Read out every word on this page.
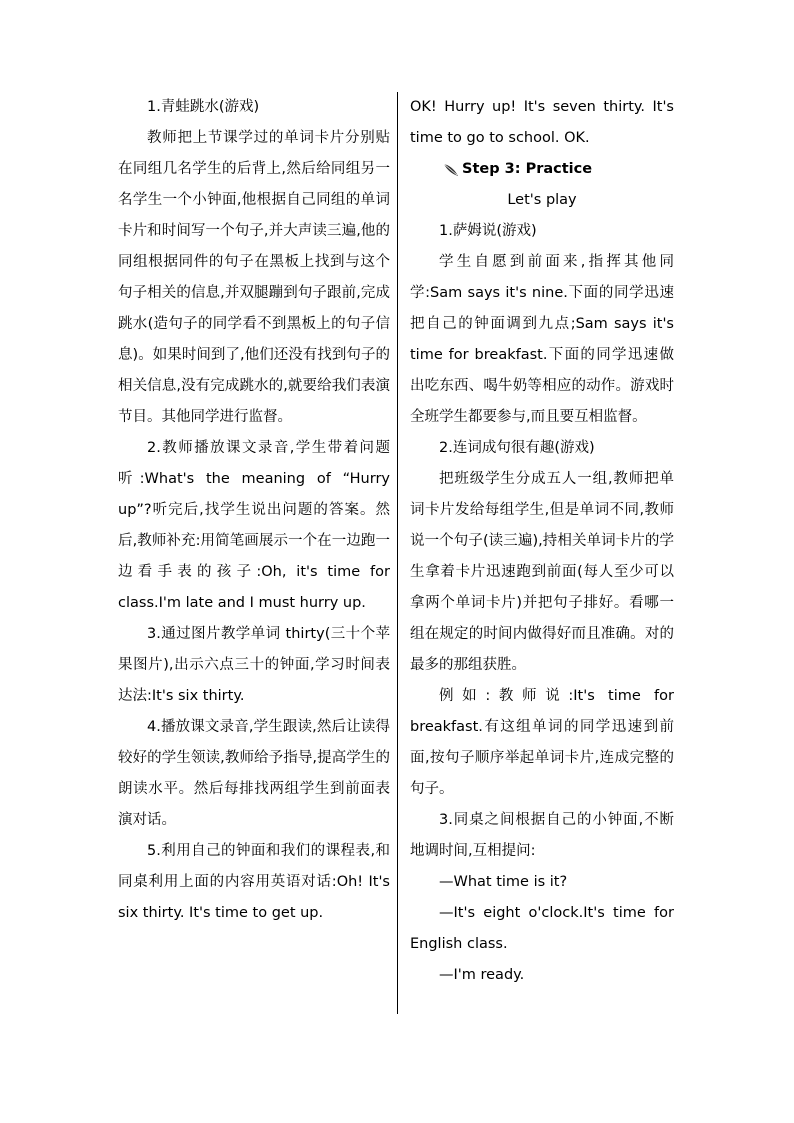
1.青蛙跳水(游戏)

教师把上节课学过的单词卡片分别贴在同组几名学生的后背上,然后给同组另一名学生一个小钟面,他根据自己同组的单词卡片和时间写一个句子,并大声读三遍,他的同组根据同件的句子在黑板上找到与这个句子相关的信息,并双腿蹦到句子跟前,完成跳水(造句子的同学看不到黑板上的句子信息)。如果时间到了,他们还没有找到句子的相关信息,没有完成跳水的,就要给我们表演节目。其他同学进行监督。

2.教师播放课文录音,学生带着问题听:What's the meaning of “Hurry up”?听完后,找学生说出问题的答案。然后,教师补充:用简笔画展示一个在一边跑一边看手表的孩子:Oh, it's time for class.I'm late and I must hurry up.

3.通过图片教学单词 thirty(三十个苹果图片),出示六点三十的钟面,学习时间表达法:It's six thirty.

4.播放课文录音,学生跟读,然后让读得较好的学生领读,教师给予指导,提高学生的朗读水平。然后每排找两组学生到前面表演对话。

5.利用自己的钟面和我们的课程表,和同桌利用上面的内容用英语对话:Oh! It's six thirty. It's time to get up.

OK! Hurry up! It's seven thirty. It's time to go to school. OK.

Step 3: Practice

Let's play

1.萨姆说(游戏)

学生自愿到前面来,指挥其他同学:Sam says it's nine.下面的同学迅速把自己的钟面调到九点;Sam says it's time for breakfast.下面的同学迅速做出吃东西、喝牛奶等相应的动作。游戏时全班学生都要参与,而且要互相监督。

2.连词成句很有趣(游戏)

把班级学生分成五人一组,教师把单词卡片发给每组学生,但是单词不同,教师说一个句子(读三遍),持相关单词卡片的学生拿着卡片迅速跑到前面(每人至少可以拿两个单词卡片)并把句子排好。看哪一组在规定的时间内做得好而且准确。对的最多的那组获胜。

例如:教师说:It's time for breakfast.有这组单词的同学迅速到前面,按句子顺序举起单词卡片,连成完整的句子。

3.同桌之间根据自己的小钟面,不断地调时间,互相提问:

—What time is it?

—It's eight o'clock.It's time for English class.

—I'm ready.
